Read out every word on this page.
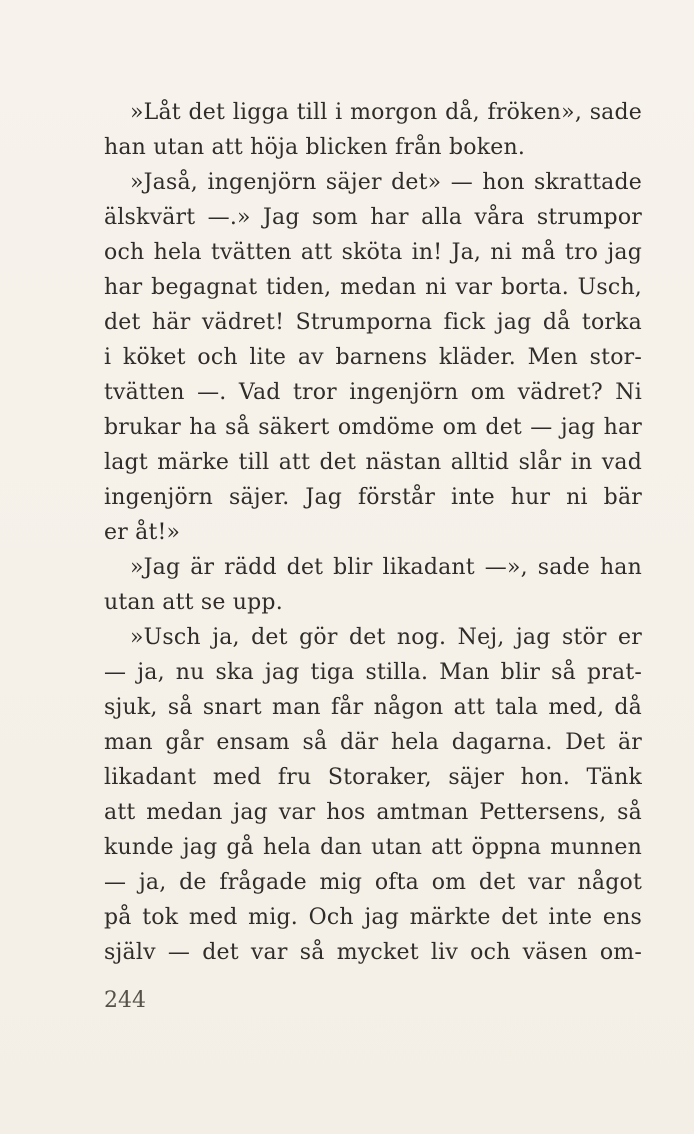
»Låt det ligga till i morgon då, fröken», sade
han utan att höja blicken från boken.
»Jaså, ingenjörn säjer det» — hon skrattade
älskvärt —.» Jag som har alla våra strumpor
och hela tvätten att sköta in! Ja, ni må tro jag
har begagnat tiden, medan ni var borta. Usch,
det här vädret! Strumporna fick jag då torka
i köket och lite av barnens kläder. Men stor-
tvätten —. Vad tror ingenjörn om vädret? Ni
brukar ha så säkert omdöme om det — jag har
lagt märke till att det nästan alltid slår in vad
ingenjörn säjer. Jag förstår inte hur ni bär
er åt!»
»Jag är rädd det blir likadant —», sade han
utan att se upp.
»Usch ja, det gör det nog. Nej, jag stör er
— ja, nu ska jag tiga stilla. Man blir så prat-
sjuk, så snart man får någon att tala med, då
man går ensam så där hela dagarna. Det är
likadant med fru Storaker, säjer hon. Tänk
att medan jag var hos amtman Pettersens, så
kunde jag gå hela dan utan att öppna munnen
— ja, de frågade mig ofta om det var något
på tok med mig. Och jag märkte det inte ens
själv — det var så mycket liv och väsen om-
244
